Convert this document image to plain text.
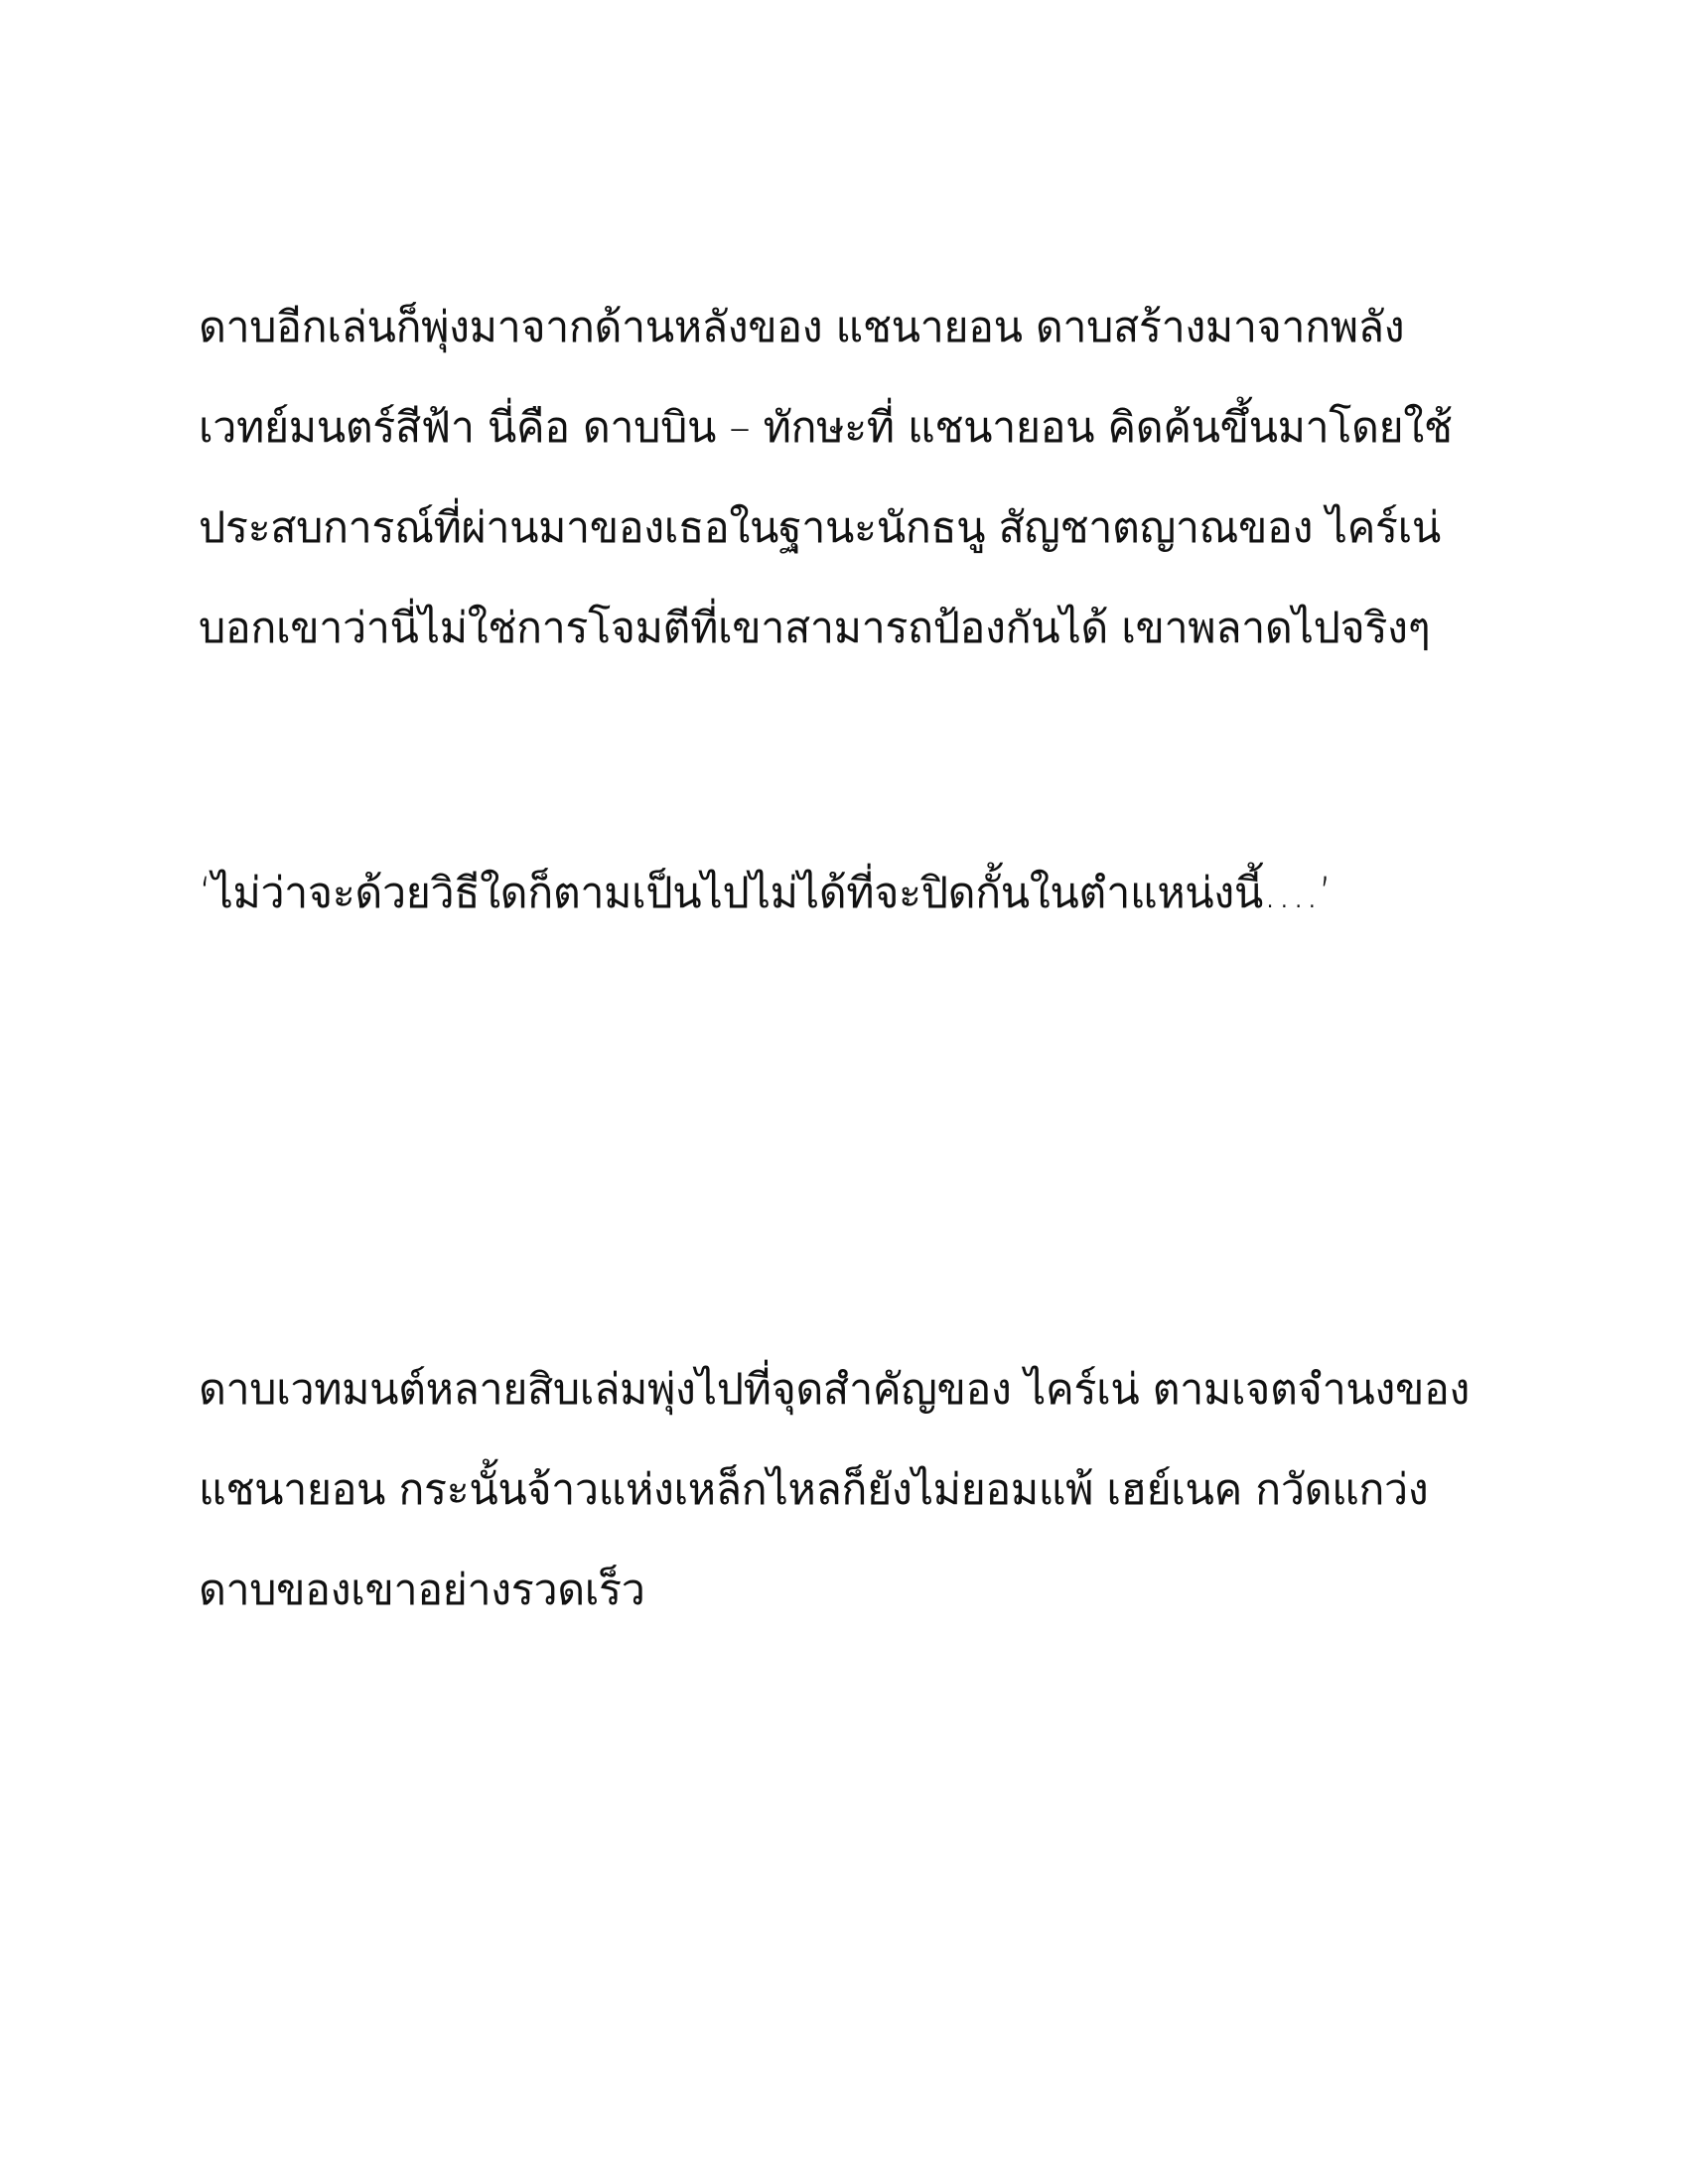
ดาบอีกเล่นก็พุ่งมาจากด้านหลังของ แชนายอน ดาบสร้างมาจากพลัง
เวทย์มนตร์สีฟ้า นี่คือ ดาบบิน – ทักษะที่ แชนายอน คิดค้นขึ้นมาโดยใช้
ประสบการณ์ที่ผ่านมาของเธอในฐานะนักธนู สัญชาตญาณของ ไคร์เน่
บอกเขาว่านี่ไม่ใช่การโจมตีที่เขาสามารถป้องกันได้ เขาพลาดไปจริงๆ

‘ไม่ว่าจะด้วยวิธีใดก็ตามเป็นไปไม่ได้ที่จะปิดกั้นในตำแหน่งนี้….’

ดาบเวทมนต์หลายสิบเล่มพุ่งไปที่จุดสำคัญของ ไคร์เน่ ตามเจตจำนงของ
แชนายอน กระนั้นจ้าวแห่งเหล็กไหลก็ยังไม่ยอมแพ้ เฮย์เนค กวัดแกว่ง
ดาบของเขาอย่างรวดเร็ว
